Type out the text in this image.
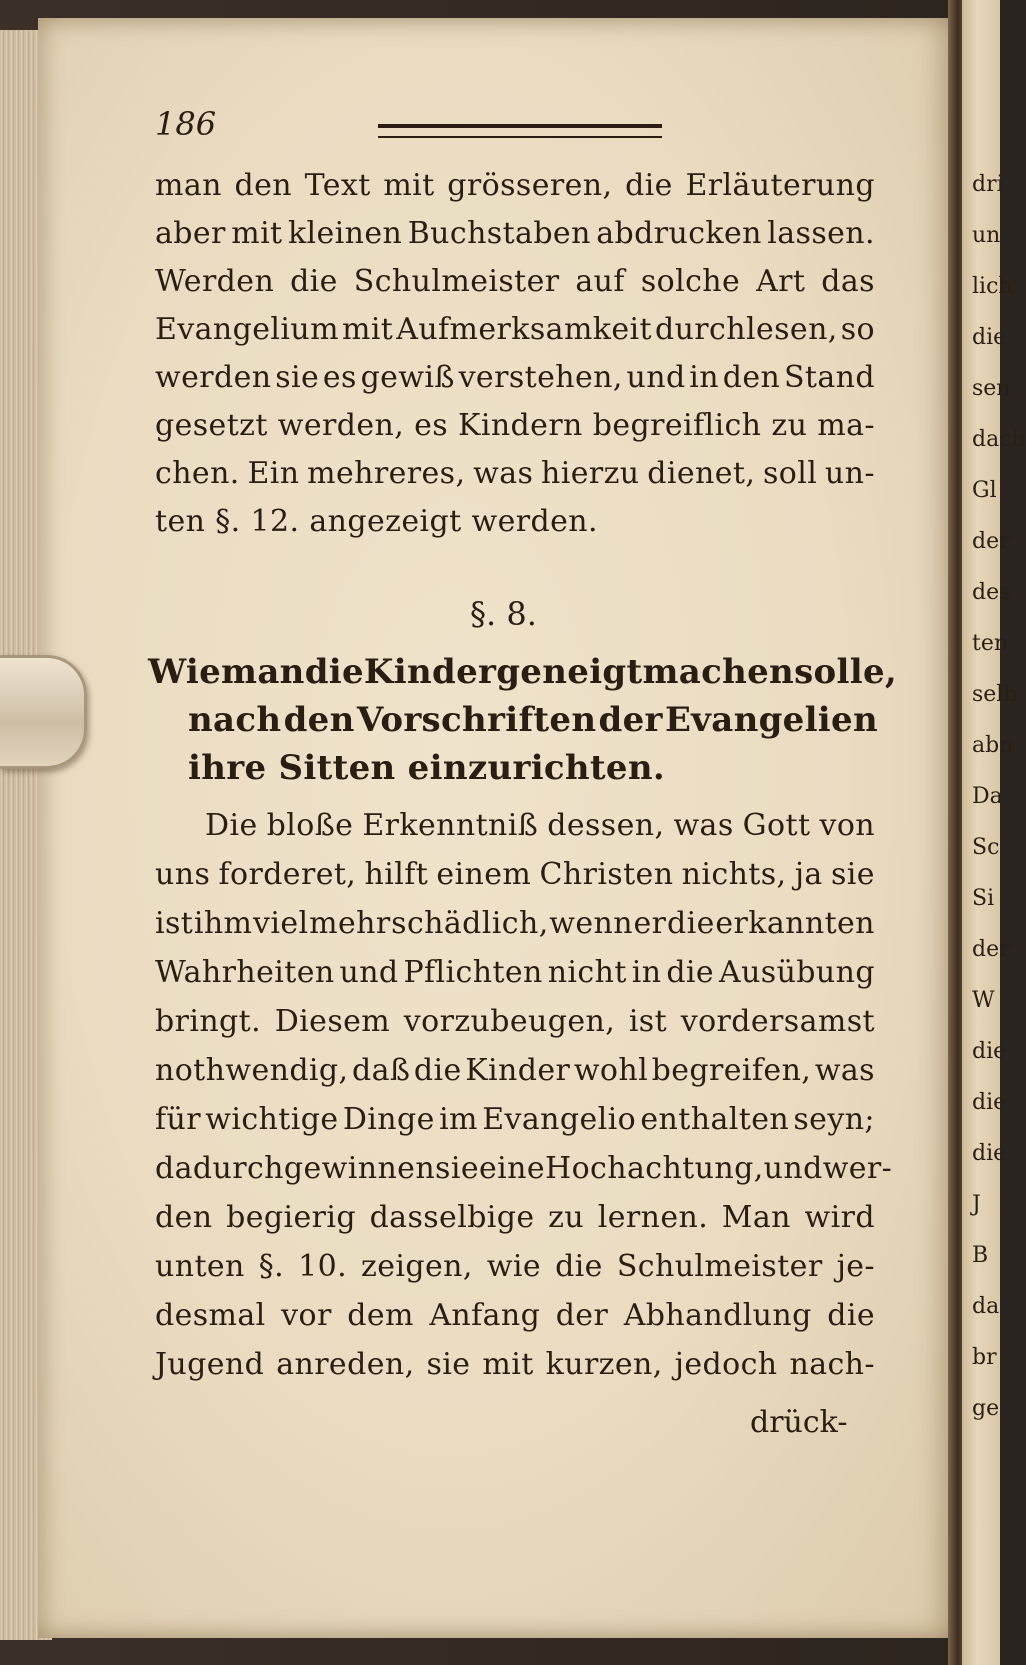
186
man den Text mit grösseren, die Erläuterung
aber mit kleinen Buchstaben abdrucken lassen.
Werden die Schulmeister auf solche Art das
Evangelium mit Aufmerksamkeit durchlesen, so
werden sie es gewiß verstehen, und in den Stand
gesetzt werden, es Kindern begreiflich zu ma-
chen. Ein mehreres, was hierzu dienet, soll un-
ten §. 12. angezeigt werden.
§. 8.
Wie man die Kinder geneigt machen solle,
nach den Vorschriften der Evangelien
ihre Sitten einzurichten.
Die bloße Erkenntniß dessen, was Gott von
uns forderet, hilft einem Christen nichts, ja sie
ist ihm viel mehr schädlich, wenn er die erkannten
Wahrheiten und Pflichten nicht in die Ausübung
bringt. Diesem vorzubeugen, ist vordersamst
nothwendig, daß die Kinder wohl begreifen, was
für wichtige Dinge im Evangelio enthalten seyn;
dadurch gewinnen sie eine Hochachtung, und wer-
den begierig dasselbige zu lernen. Man wird
unten §. 10. zeigen, wie die Schulmeister je-
desmal vor dem Anfang der Abhandlung die
Jugend anreden, sie mit kurzen, jedoch nach-
drück-
dri
un
lich
die
sen
dach
Gl
der
des
ten
selb
abn
Da
Sc
Si
der
W
die
die
die
J
B
da
br
ge
